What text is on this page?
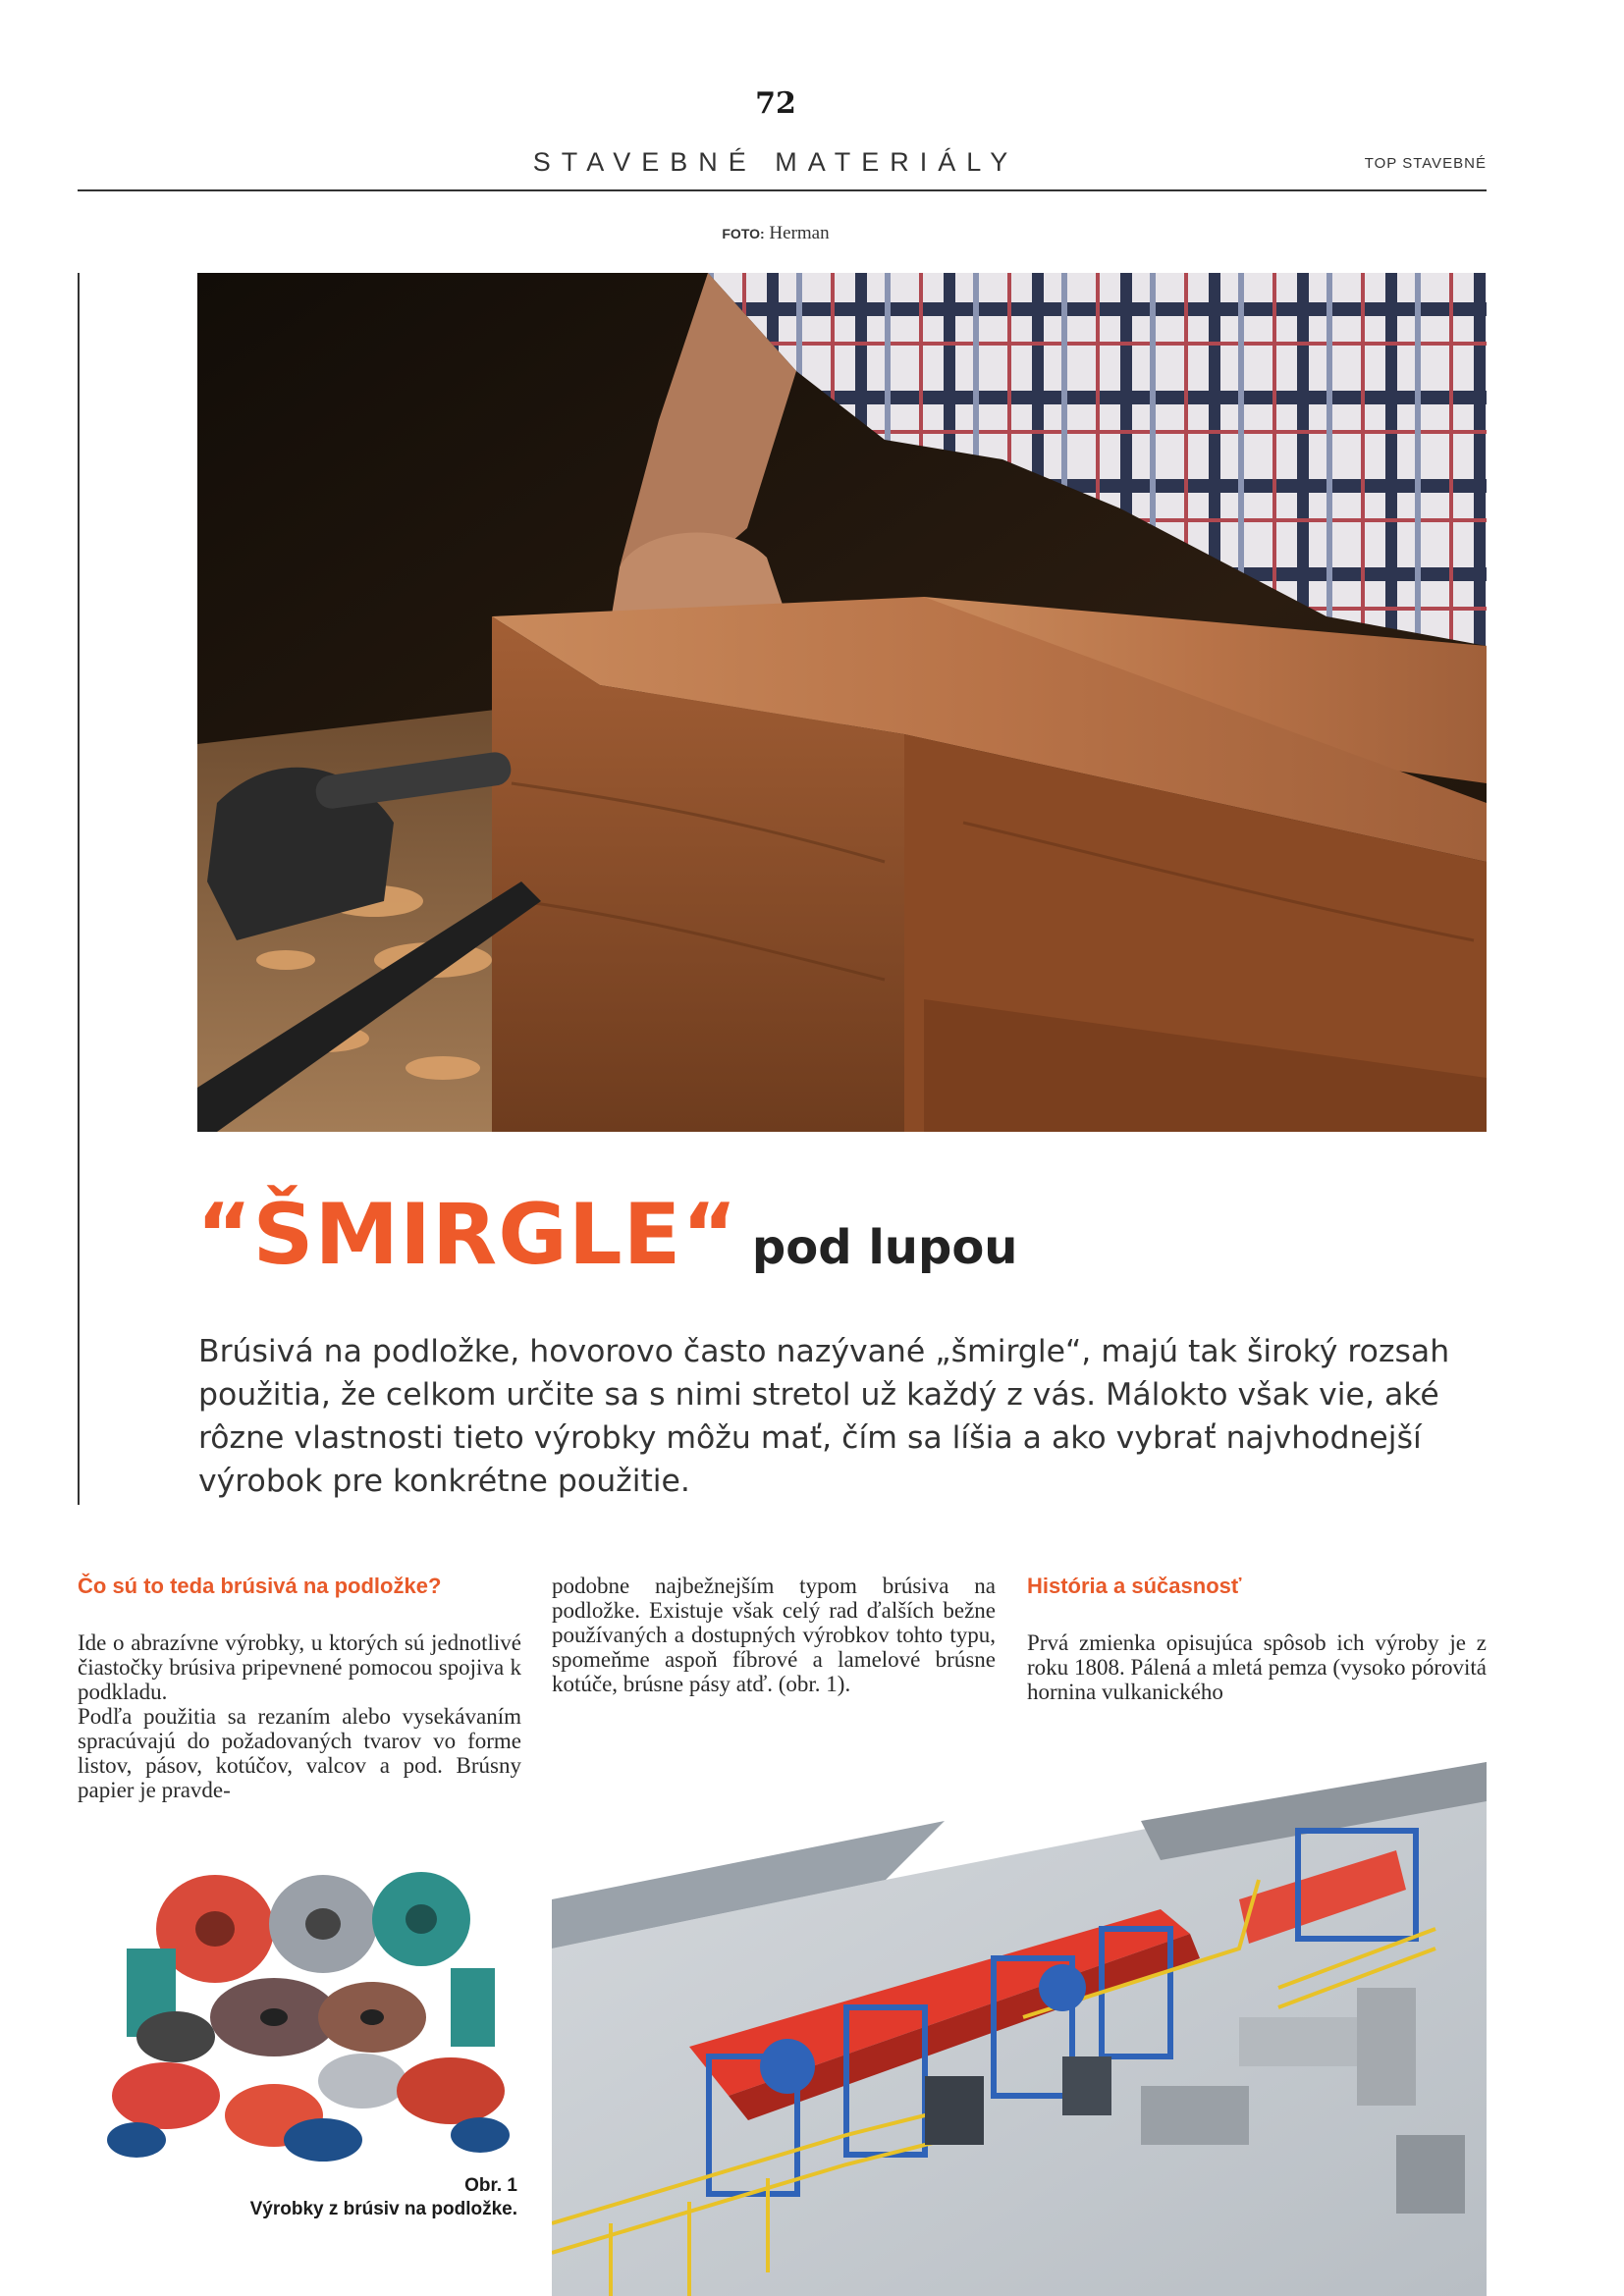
72
STAVEBNÉ MATERIÁLY	TOP STAVEBNÉ
FOTO: Herman
“ŠMIRGLE“ pod lupou

Brúsivá na podložke, hovorovo často nazývané „šmirgle“, majú tak široký rozsah použitia, že celkom určite sa s nimi stretol už každý z vás. Málokto však vie, aké rôzne vlastnosti tieto výrobky môžu mať, čím sa líšia a ako vybrať najvhodnejší výrobok pre konkrétne použitie.

Čo sú to teda brúsivá na podložke?

Ide o abrazívne výrobky, u ktorých sú jednotlivé čiastočky brúsiva pripevnené pomocou spojiva k podkladu.

Podľa použitia sa rezaním alebo vysekávaním spracúvajú do požadovaných tvarov vo forme listov, pásov, kotúčov, valcov a pod. Brúsny papier je pravde-

Obr. 1
Výrobky z brúsiv na podložke.

podobne najbežnejším typom brúsiva na podložke. Existuje však celý rad ďalších bežne používaných a dostupných výrobkov tohto typu, spomeňme aspoň fíbrové a lamelové brúsne kotúče, brúsne pásy atď. (obr. 1).

História a súčasnosť

Prvá zmienka opisujúca spôsob ich výroby je z roku 1808. Pálená a mletá pemza (vysoko pórovitá hornina vulkanického
